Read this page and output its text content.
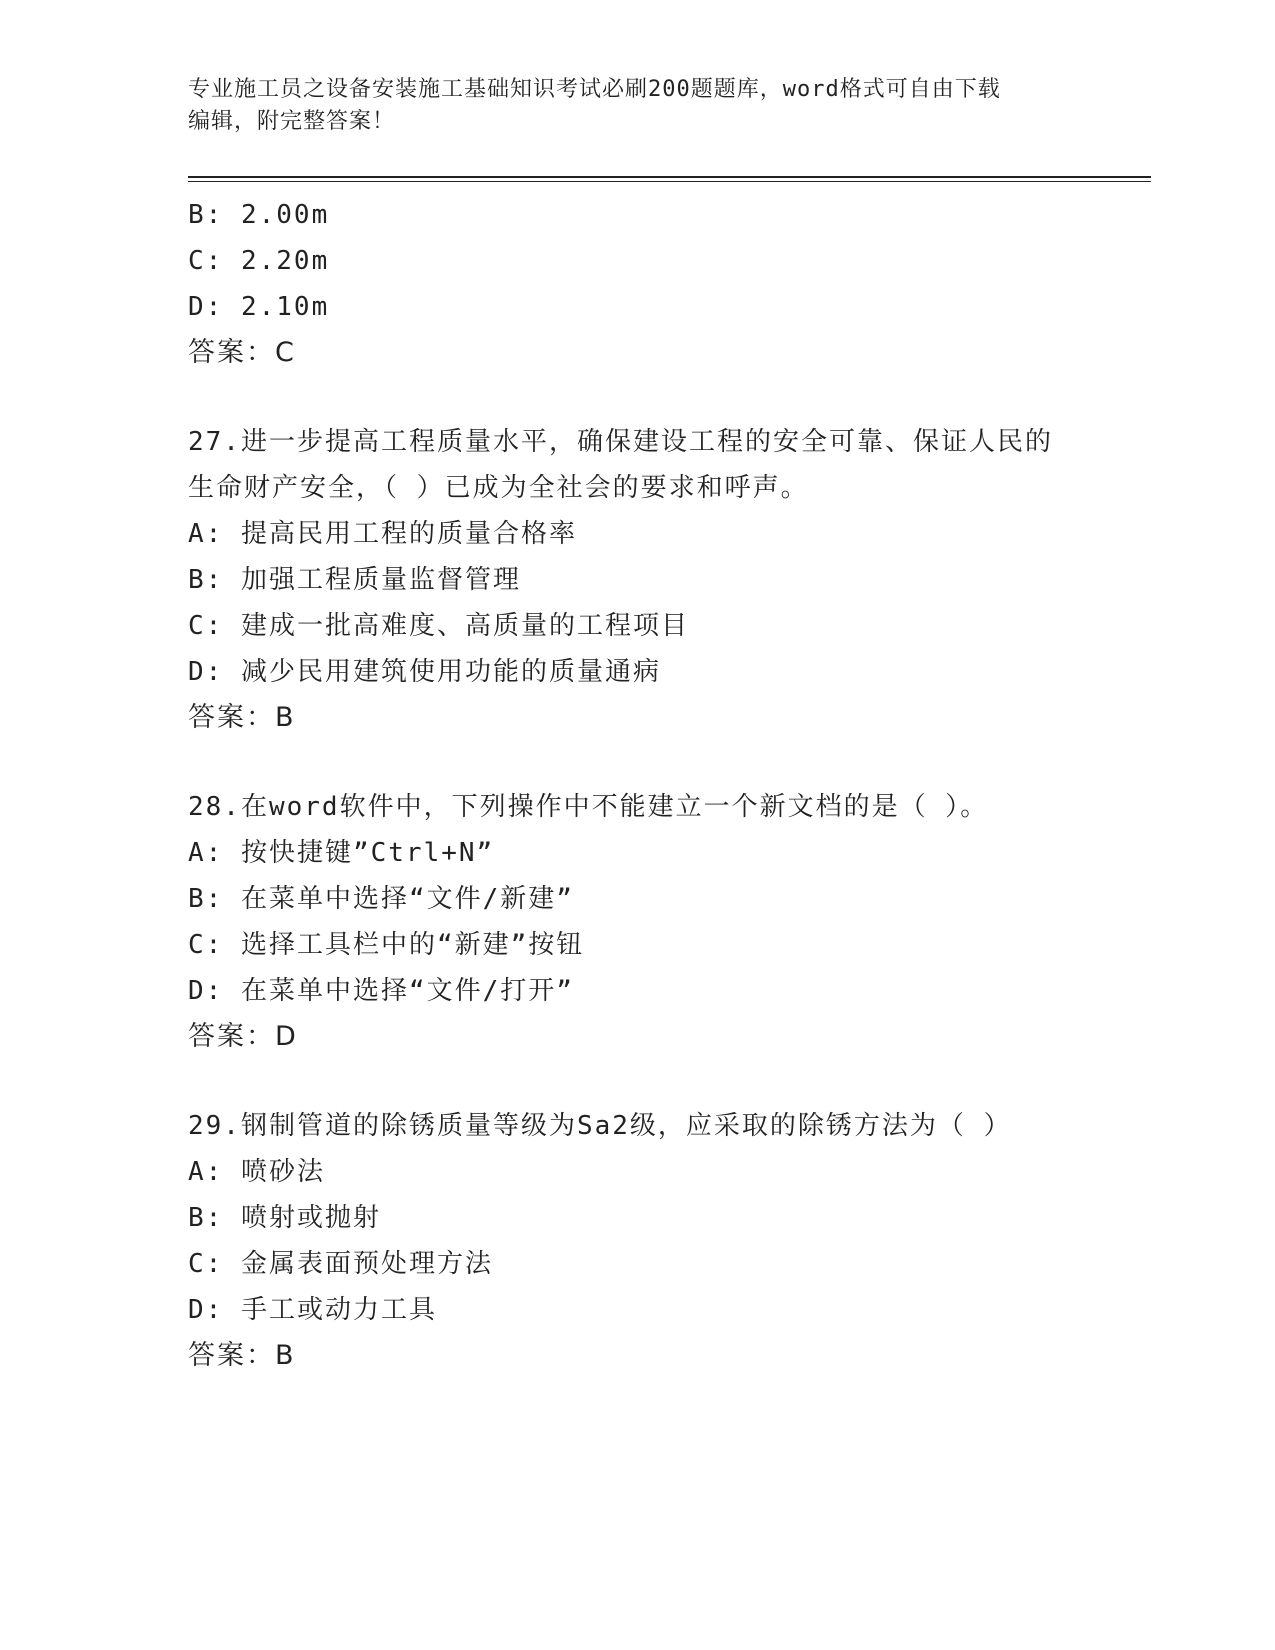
专业施工员之设备安装施工基础知识考试必刷200题题库，word格式可自由下载
编辑，附完整答案！
B: 2.00m
C: 2.20m
D: 2.10m
答案：C
27.进一步提高工程质量水平，确保建设工程的安全可靠、保证人民的
生命财产安全，（ ）已成为全社会的要求和呼声。
A: 提高民用工程的质量合格率
B: 加强工程质量监督管理
C: 建成一批高难度、高质量的工程项目
D: 减少民用建筑使用功能的质量通病
答案：B
28.在word软件中，下列操作中不能建立一个新文档的是（ ）。
A: 按快捷键”Ctrl+N”
B: 在菜单中选择“文件/新建”
C: 选择工具栏中的“新建”按钮
D: 在菜单中选择“文件/打开”
答案：D
29.钢制管道的除锈质量等级为Sa2级，应采取的除锈方法为（ ）
A: 喷砂法
B: 喷射或抛射
C: 金属表面预处理方法
D: 手工或动力工具
答案：B
